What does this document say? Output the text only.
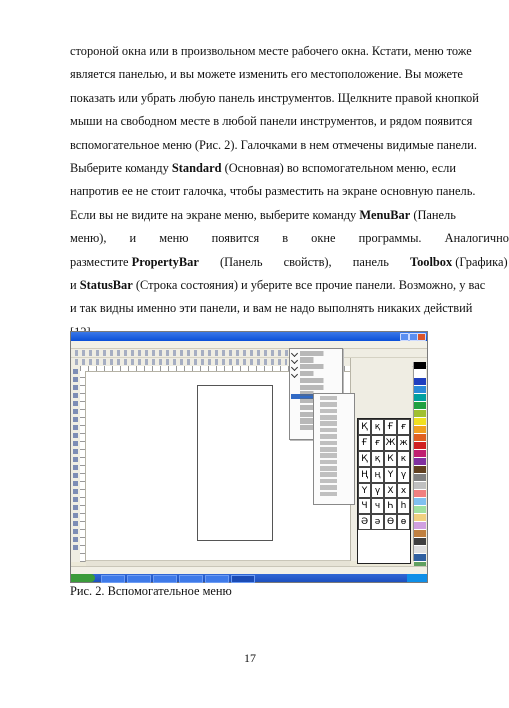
стороной окна или в произвольном месте рабочего окна. Кстати, меню тоже
является панелью, и вы можете изменить его местоположение. Вы можете
показать или убрать любую панель инструментов. Щелкните правой кнопкой
мыши на свободном месте в любой панели инструментов, и рядом появится
вспомогательное меню (Рис. 2). Галочками в нем отмечены видимые панели.
Выберите команду Standard (Основная) во вспомогательном меню, если
напротив ее не стоит галочка, чтобы разместить на экране основную панель.
Если вы не видите на экране меню, выберите команду MenuBar (Панель
меню), и меню появится в окне программы. Аналогично
разместите PropertyBar (Панель свойств), панель Toolbox (Графика)
и StatusBar (Строка состояния) и уберите все прочие панели. Возможно, у вас
и так видны именно эти панели, и вам не надо выполнять никаких действий
Қ қ Ғ ғ
Ғ ғ Ж ж
Қ қ К к
Ң ң Ү ү
Ү ү Х х
Ч ч Һ һ
Ә ә Ө ө
Рис. 2. Вспомогательное меню
17
